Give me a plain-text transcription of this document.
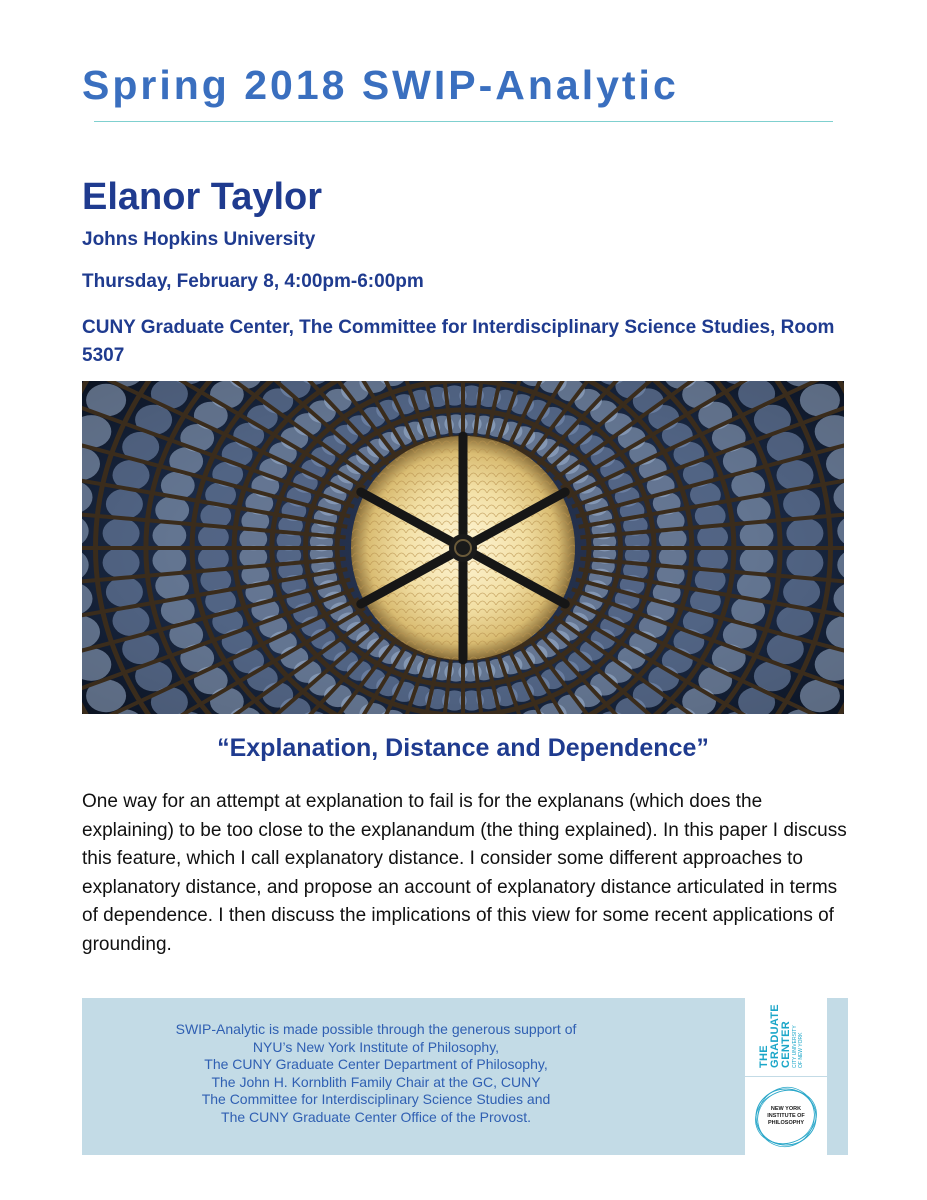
Spring 2018 SWIP-Analytic
Elanor Taylor

Johns Hopkins University

Thursday, February 8, 4:00pm-6:00pm

CUNY Graduate Center, The Committee for Interdisciplinary Science Studies, Room 5307

“Explanation, Distance and Dependence”

One way for an attempt at explanation to fail is for the explanans (which does the explaining) to be too close to the explanandum (the thing explained). In this paper I discuss this feature, which I call explanatory distance. I consider some different approaches to explanatory distance, and propose an account of explanatory distance articulated in terms of dependence. I then discuss the implications of this view for some recent applications of grounding.

SWIP-Analytic is made possible through the generous support of
NYU’s New York Institute of Philosophy,
The CUNY Graduate Center Department of Philosophy,
The John H. Kornblith Family Chair at the GC, CUNY
The Committee for Interdisciplinary Science Studies and
The CUNY Graduate Center Office of the Provost.
THE GRADUATE CENTER CITY UNIVERSITY OF NEW YORK
NEW YORK
INSTITUTE OF
PHILOSOPHY
